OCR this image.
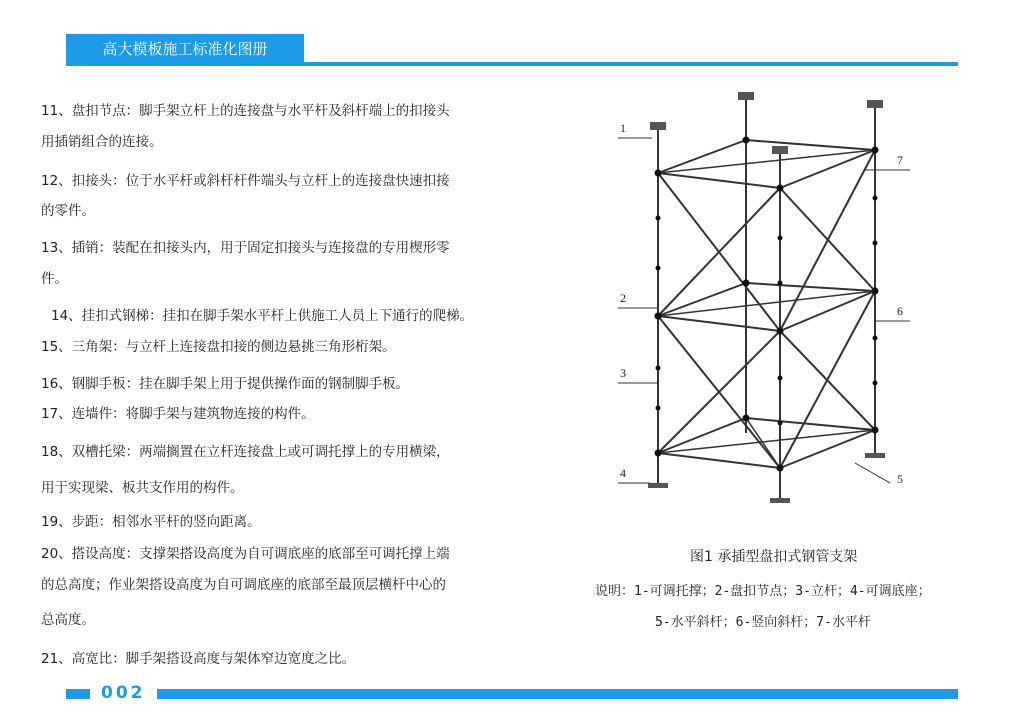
高大模板施工标准化图册
11、盘扣节点：脚手架立杆上的连接盘与水平杆及斜杆端上的扣接头
用插销组合的连接。
12、扣接头：位于水平杆或斜杆杆件端头与立杆上的连接盘快速扣接
的零件。
13、插销：装配在扣接头内，用于固定扣接头与连接盘的专用楔形零
件。
14、挂扣式钢梯：挂扣在脚手架水平杆上供施工人员上下通行的爬梯。
15、三角架：与立杆上连接盘扣接的侧边悬挑三角形桁架。
16、钢脚手板：挂在脚手架上用于提供操作面的钢制脚手板。
17、连墙件：将脚手架与建筑物连接的构件。
18、双槽托梁：两端搁置在立杆连接盘上或可调托撑上的专用横梁，
用于实现梁、板共支作用的构件。
19、步距：相邻水平杆的竖向距离。
20、搭设高度：支撑架搭设高度为自可调底座的底部至可调托撑上端
的总高度；作业架搭设高度为自可调底座的底部至最顶层横杆中心的
总高度。
21、高宽比：脚手架搭设高度与架体窄边宽度之比。
1
2
3
4	5
6
7
图1 承插型盘扣式钢管支架
说明：1-可调托撑；2-盘扣节点；3-立杆；4-可调底座；
5-水平斜杆；6-竖向斜杆；7-水平杆
002
